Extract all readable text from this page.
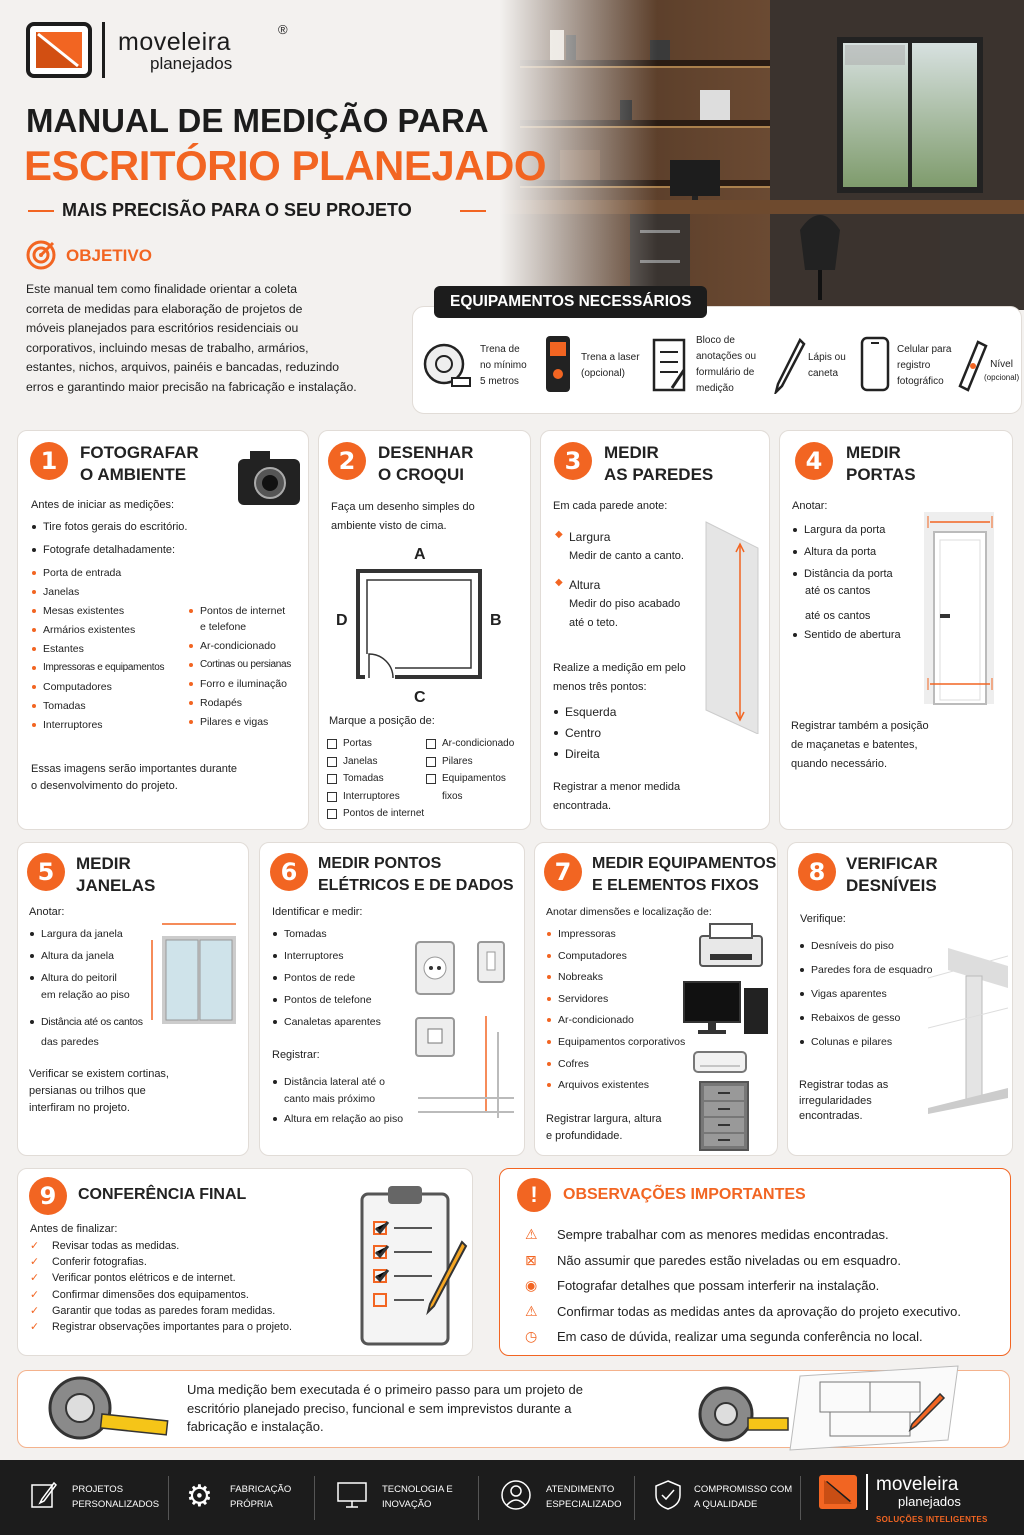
moveleira
planejados
®
MANUAL DE MEDIÇÃO PARA
ESCRITÓRIO PLANEJADO
MAIS PRECISÃO PARA O SEU PROJETO
OBJETIVO
Este manual tem como finalidade orientar a coleta
correta de medidas para elaboração de projetos de
móveis planejados para escritórios residenciais ou
corporativos, incluindo mesas de trabalho, armários,
estantes, nichos, arquivos, painéis e bancadas, reduzindo
erros e garantindo maior precisão na fabricação e instalação.
EQUIPAMENTOS NECESSÁRIOS
Trena de
no mínimo
5 metros
Trena a laser
(opcional)
Bloco de
anotações ou
formulário de
medição
Lápis ou
caneta
Celular para
registro
fotográfico
Nível
(opcional)
1	FOTOGRAFAR
O AMBIENTE
Antes de iniciar as medições:
Tire fotos gerais do escritório.
Fotografe detalhadamente:
Porta de entrada
Janelas
Mesas existentes
Armários existentes
Estantes
Impressoras e equipamentos
Computadores
Tomadas
Interruptores
Pontos de internet
e telefone
Ar-condicionado
Cortinas ou persianas
Forro e iluminação
Rodapés
Pilares e vigas
Essas imagens serão importantes durante
o desenvolvimento do projeto.
2	DESENHAR
O CROQUI
Faça um desenho simples do
ambiente visto de cima.
A
B
C
D
Marque a posição de:
Portas
Janelas
Tomadas
Interruptores
Pontos de internet
Ar-condicionado
Pilares
Equipamentos
fixos
3	MEDIR
AS PAREDES
Em cada parede anote:
◆ Largura
Medir de canto a canto.
◆ Altura
Medir do piso acabado
até o teto.
Realize a medição em pelo
menos três pontos:
Esquerda
Centro
Direita
Registrar a menor medida
encontrada.
4	MEDIR
PORTAS
Anotar:
Largura da porta
Altura da porta
Distância da porta
até os cantos
até os cantos
Sentido de abertura
Registrar também a posição
de maçanetas e batentes,
quando necessário.
5	MEDIR
JANELAS
Anotar:
Largura da janela
Altura da janela
Altura do peitoril
em relação ao piso
Distância até os cantos
das paredes
Verificar se existem cortinas,
persianas ou trilhos que
interfiram no projeto.
6	MEDIR PONTOS
ELÉTRICOS E DE DADOS
Identificar e medir:
Tomadas
Interruptores
Pontos de rede
Pontos de telefone
Canaletas aparentes
Registrar:
Distância lateral até o
canto mais próximo
Altura em relação ao piso
7	MEDIR EQUIPAMENTOS
E ELEMENTOS FIXOS
Anotar dimensões e localização de:
Impressoras
Computadores
Nobreaks
Servidores
Ar-condicionado
Equipamentos corporativos
Cofres
Arquivos existentes
Registrar largura, altura
e profundidade.
8	VERIFICAR
DESNÍVEIS
Verifique:
Desníveis do piso
Paredes fora de esquadro
Vigas aparentes
Rebaixos de gesso
Colunas e pilares
Registrar todas as
irregularidades
encontradas.
9	CONFERÊNCIA FINAL
Antes de finalizar:
✓ Revisar todas as medidas.
✓ Conferir fotografias.
✓ Verificar pontos elétricos e de internet.
✓ Confirmar dimensões dos equipamentos.
✓ Garantir que todas as paredes foram medidas.
✓ Registrar observações importantes para o projeto.
!	OBSERVAÇÕES IMPORTANTES
⚠ Sempre trabalhar com as menores medidas encontradas.
⊠ Não assumir que paredes estão niveladas ou em esquadro.
◉ Fotografar detalhes que possam interferir na instalação.
⚠ Confirmar todas as medidas antes da aprovação do projeto executivo.
◷ Em caso de dúvida, realizar uma segunda conferência no local.
Uma medição bem executada é o primeiro passo para um projeto de
escritório planejado preciso, funcional e sem imprevistos durante a
fabricação e instalação.
PROJETOS
PERSONALIZADOS ⚙	FABRICAÇÃO
PRÓPRIA
TECNOLOGIA E
INOVAÇÃO
ATENDIMENTO
ESPECIALIZADO
COMPROMISSO COM
A QUALIDADE
moveleira
planejados
SOLUÇÕES INTELIGENTES
